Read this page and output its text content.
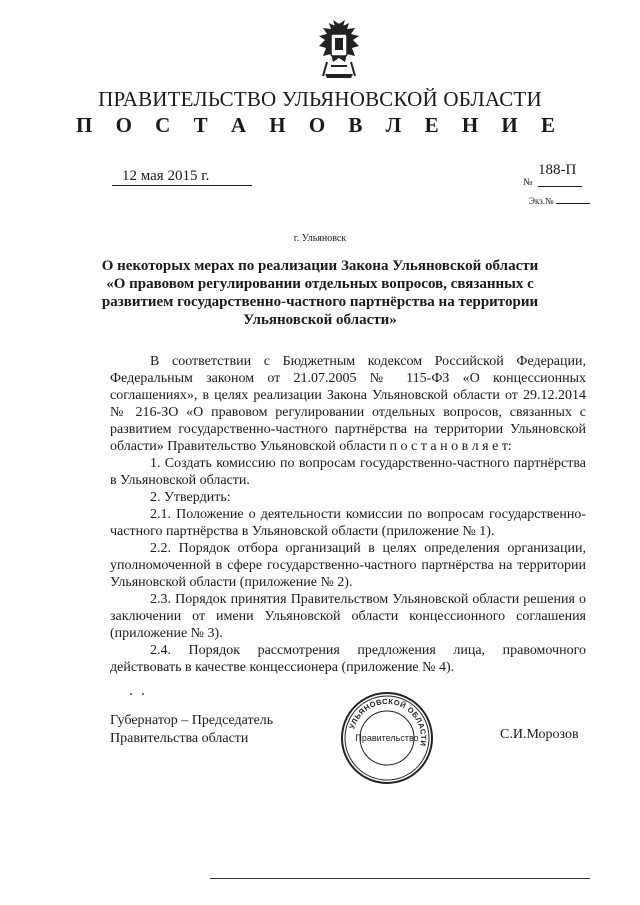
ПРАВИТЕЛЬСТВО УЛЬЯНОВСКОЙ ОБЛАСТИ
П О С Т А Н О В Л Е Н И Е
12 мая 2015 г.	188-П
№
Экз.№
г. Ульяновск
О некоторых мерах по реализации Закона Ульяновской области «О правовом регулировании отдельных вопросов, связанных с развитием государственно-частного партнёрства на территории Ульяновской области»
В соответствии с Бюджетным кодексом Российской Федерации, Федеральным законом от 21.07.2005 № 115-ФЗ «О концессионных соглашениях», в целях реализации Закона Ульяновской области от 29.12.2014 № 216-ЗО «О правовом регулировании отдельных вопросов, связанных с развитием государственно-частного партнёрства на территории Ульяновской области» Правительство Ульяновской области п о с т а н о в л я е т:
1. Создать комиссию по вопросам государственно-частного партнёрства в Ульяновской области.
2. Утвердить:
2.1. Положение о деятельности комиссии по вопросам государственно-частного партнёрства в Ульяновской области (приложение № 1).
2.2. Порядок отбора организаций в целях определения организации, уполномоченной в сфере государственно-частного партнёрства на территории Ульяновской области (приложение № 2).
2.3. Порядок принятия Правительством Ульяновской области решения о заключении от имени Ульяновской области концессионного соглашения (приложение № 3).
2.4. Порядок рассмотрения предложения лица, правомочного действовать в качестве концессионера (приложение № 4).
Губернатор – Председатель
Правительства области
УЛЬЯНОВСКОЙ ОБЛАСТИ
Правительство	С.И.Морозов
